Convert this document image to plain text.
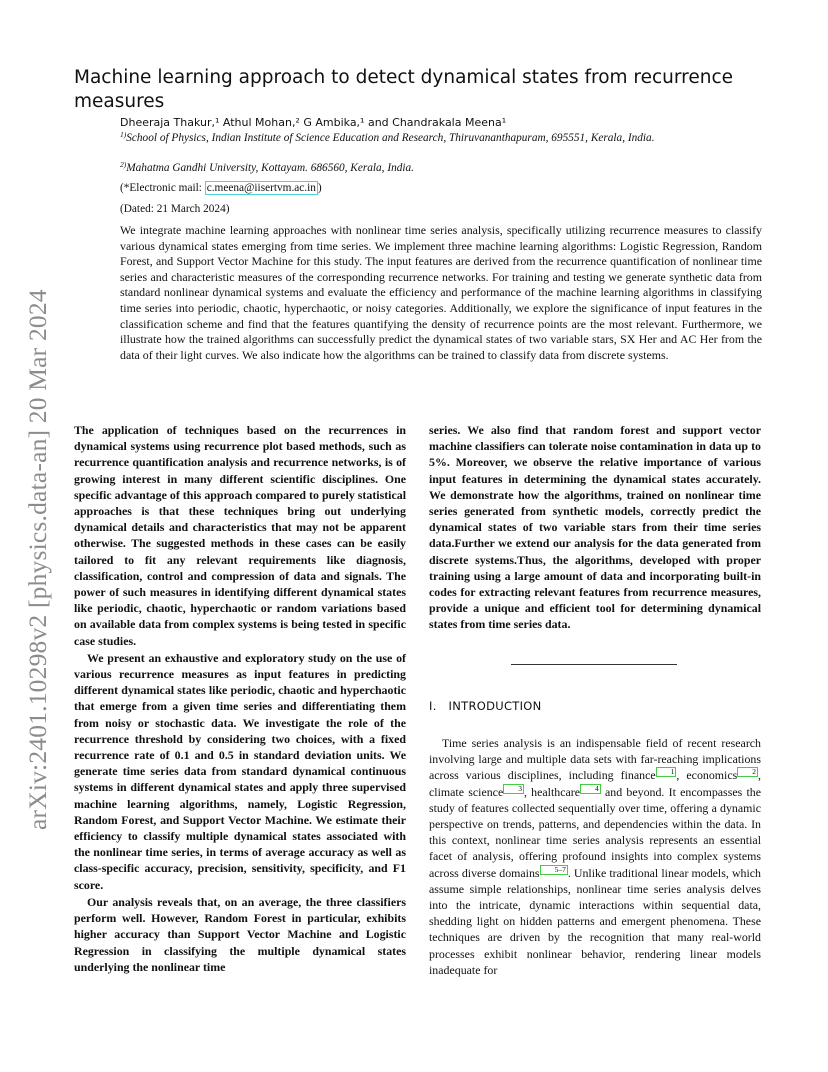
arXiv:2401.10298v2 [physics.data-an] 20 Mar 2024
Machine learning approach to detect dynamical states from recurrence measures
Dheeraja Thakur,¹ Athul Mohan,² G Ambika,¹ and Chandrakala Meena¹
$^{1)}$School of Physics, Indian Institute of Science Education and Research, Thiruvananthapuram, 695551, Kerala, India.
$^{2)}$Mahatma Gandhi University, Kottayam. 686560, Kerala, India.
(*Electronic mail: c.meena@iisertvm.ac.in )
(Dated: 21 March 2024)

We integrate machine learning approaches with nonlinear time series analysis, specifically utilizing recurrence measures to classify various dynamical states emerging from time series. We implement three machine learning algorithms: Logistic Regression, Random Forest, and Support Vector Machine for this study. The input features are derived from the recurrence quantification of nonlinear time series and characteristic measures of the corresponding recurrence networks. For training and testing we generate synthetic data from standard nonlinear dynamical systems and evaluate the efficiency and performance of the machine learning algorithms in classifying time series into periodic, chaotic, hyperchaotic, or noisy categories. Additionally, we explore the significance of input features in the classification scheme and find that the features quantifying the density of recurrence points are the most relevant. Furthermore, we illustrate how the trained algorithms can successfully predict the dynamical states of two variable stars, SX Her and AC Her from the data of their light curves. We also indicate how the algorithms can be trained to classify data from discrete systems.

The application of techniques based on the recurrences in dynamical systems using recurrence plot based methods, such as recurrence quantification analysis and recurrence networks, is of growing interest in many different scientific disciplines. One specific advantage of this approach compared to purely statistical approaches is that these techniques bring out underlying dynamical details and characteristics that may not be apparent otherwise. The suggested methods in these cases can be easily tailored to fit any relevant requirements like diagnosis, classification, control and compression of data and signals. The power of such measures in identifying different dynamical states like periodic, chaotic, hyperchaotic or random variations based on available data from complex systems is being tested in specific case studies.

We present an exhaustive and exploratory study on the use of various recurrence measures as input features in predicting different dynamical states like periodic, chaotic and hyperchaotic that emerge from a given time series and differentiating them from noisy or stochastic data. We investigate the role of the recurrence threshold by considering two choices, with a fixed recurrence rate of 0.1 and 0.5 in standard deviation units. We generate time series data from standard dynamical continuous systems in different dynamical states and apply three supervised machine learning algorithms, namely, Logistic Regression, Random Forest, and Support Vector Machine. We estimate their efficiency to classify multiple dynamical states associated with the nonlinear time series, in terms of average accuracy as well as class-specific accuracy, precision, sensitivity, specificity, and F1 score.

Our analysis reveals that, on an average, the three classifiers perform well. However, Random Forest in particular, exhibits higher accuracy than Support Vector Machine and Logistic Regression in classifying the multiple dynamical states underlying the nonlinear time

series. We also find that random forest and support vector machine classifiers can tolerate noise contamination in data up to 5%. Moreover, we observe the relative importance of various input features in determining the dynamical states accurately. We demonstrate how the algorithms, trained on nonlinear time series generated from synthetic models, correctly predict the dynamical states of two variable stars from their time series data.Further we extend our analysis for the data generated from discrete systems.Thus, the algorithms, developed with proper training using a large amount of data and incorporating built-in codes for extracting relevant features from recurrence measures, provide a unique and efficient tool for determining dynamical states from time series data.

I. INTRODUCTION

Time series analysis is an indispensable field of recent research involving large and multiple data sets with far-reaching implications across various disciplines, including finance 1 , economics 2 , climate science 3 , healthcare 4 and beyond. It encompasses the study of features collected sequentially over time, offering a dynamic perspective on trends, patterns, and dependencies within the data. In this context, nonlinear time series analysis represents an essential facet of analysis, offering profound insights into complex systems across diverse domains 5–7 . Unlike traditional linear models, which assume simple relationships, nonlinear time series analysis delves into the intricate, dynamic interactions within sequential data, shedding light on hidden patterns and emergent phenomena. These techniques are driven by the recognition that many real-world processes exhibit nonlinear behavior, rendering linear models inadequate for
